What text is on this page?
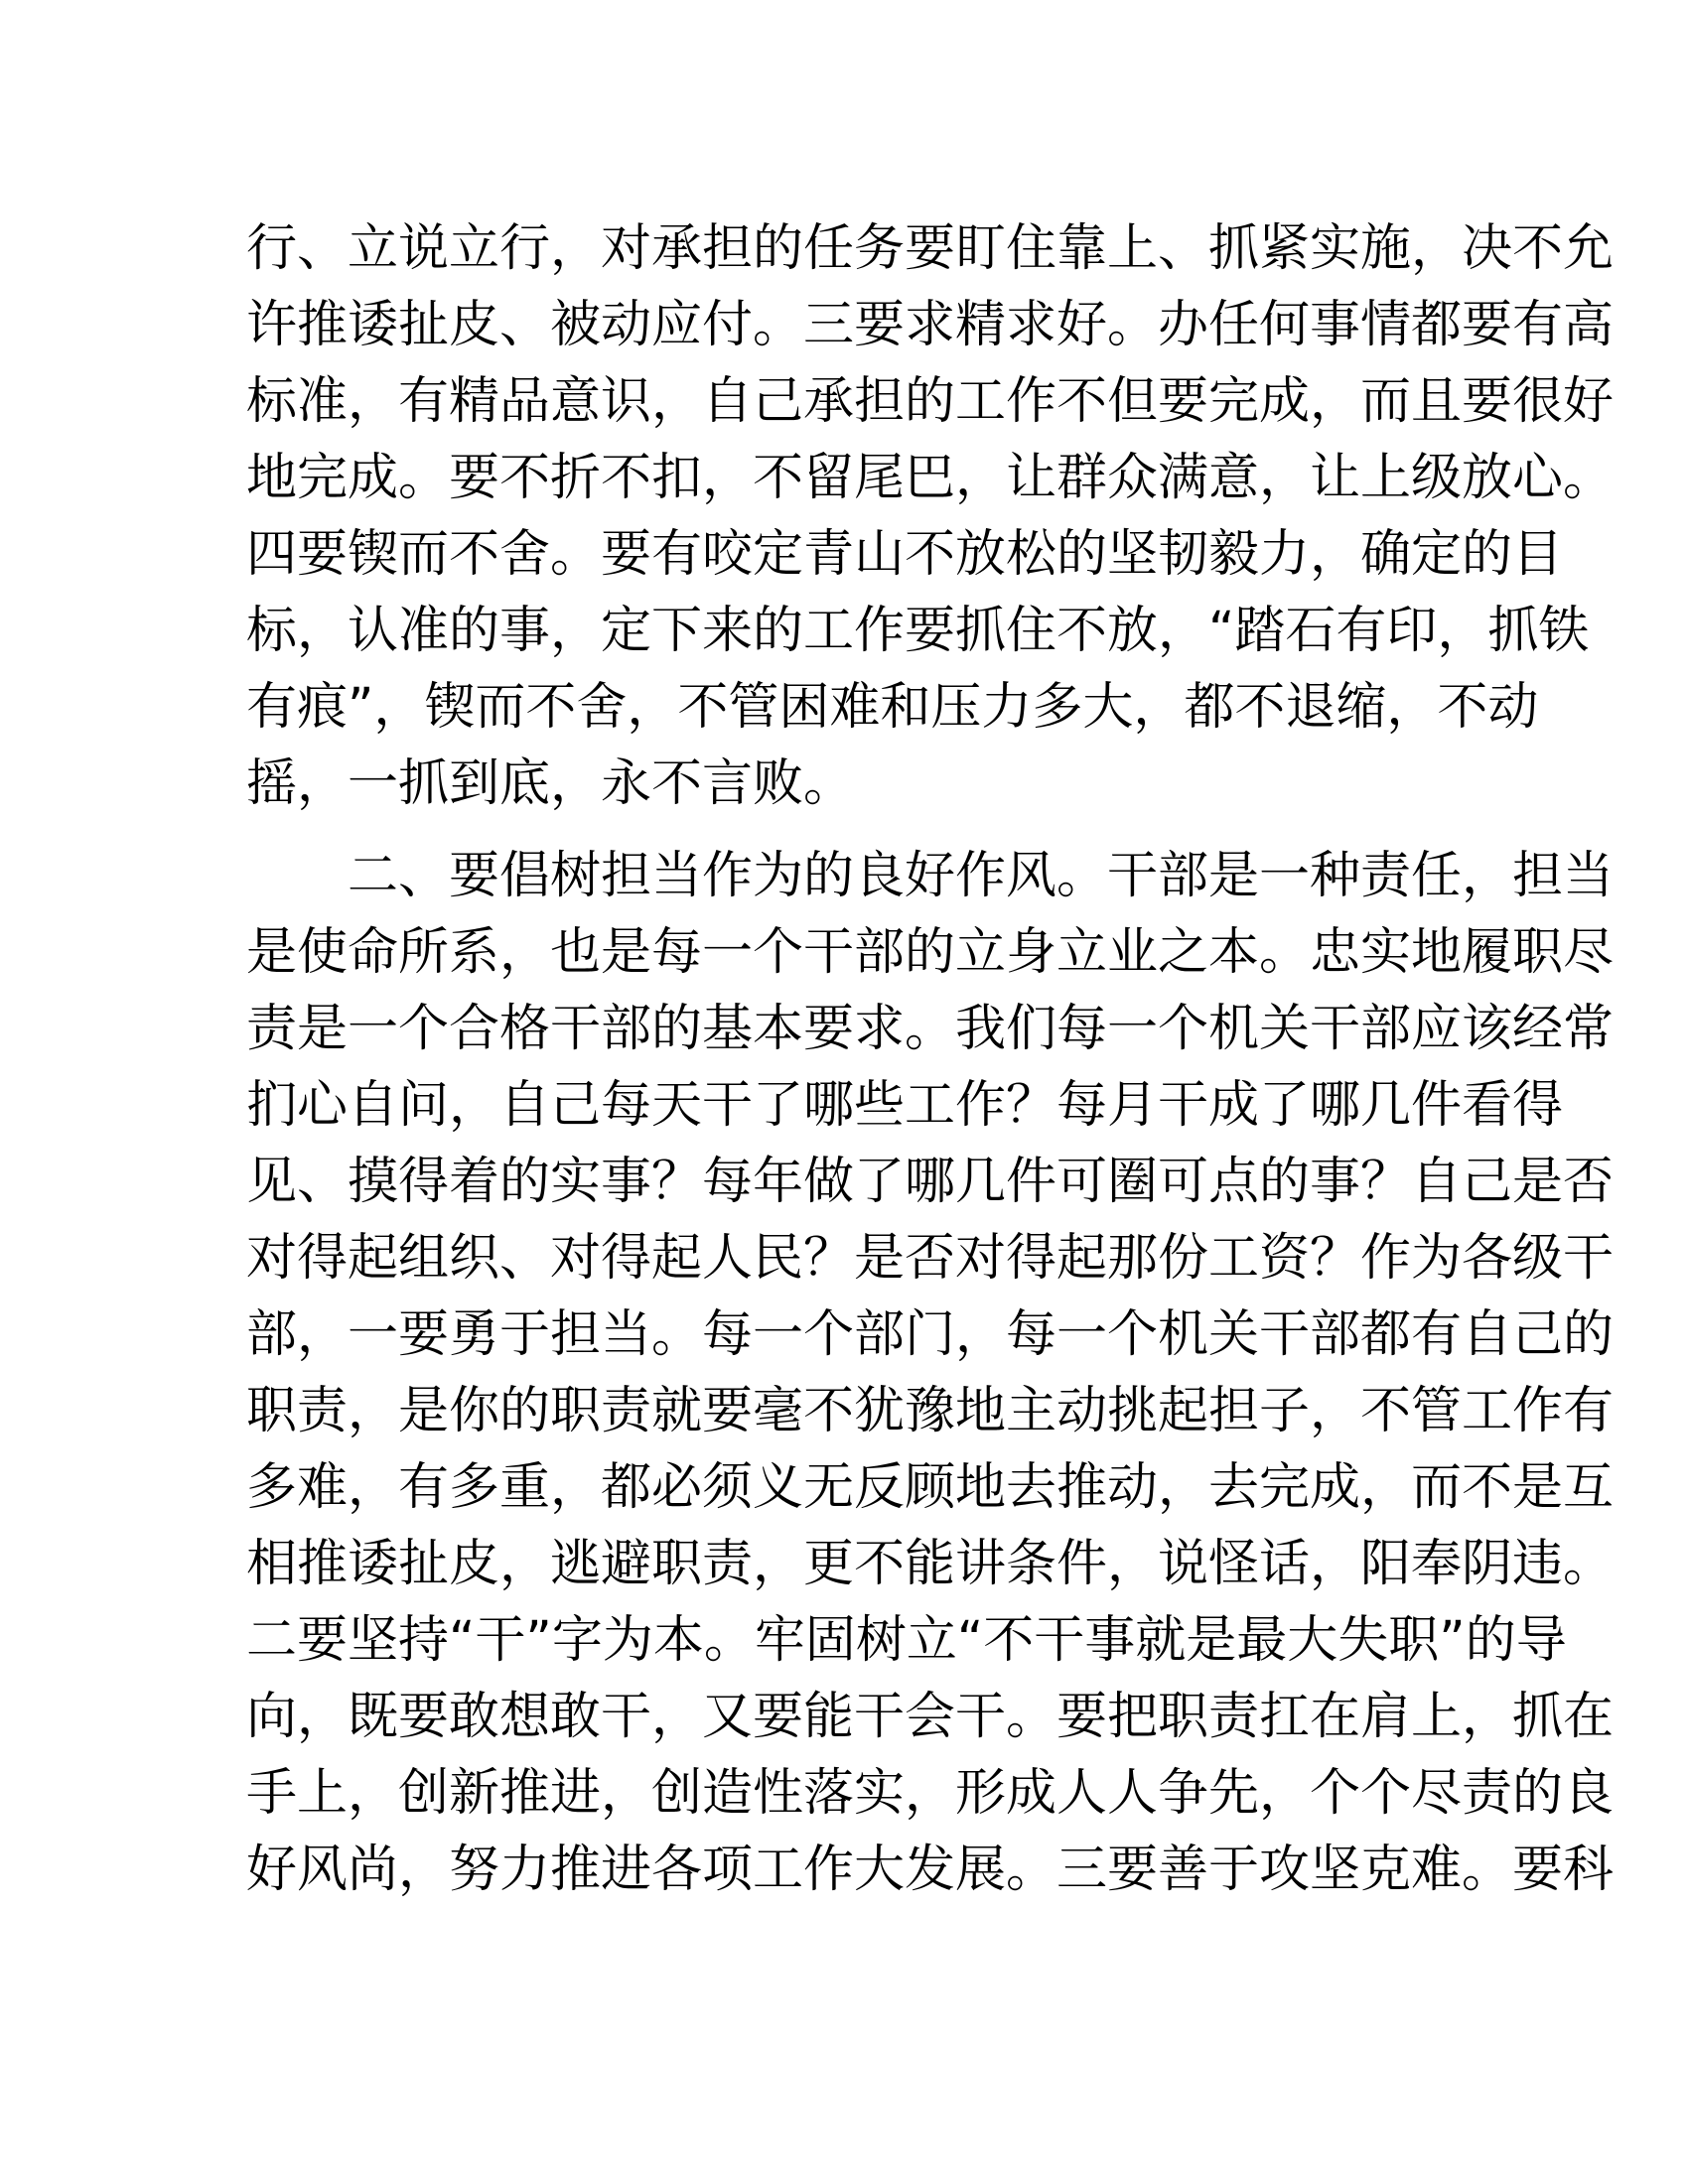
行、立说立行，对承担的任务要盯住靠上、抓紧实施，决不允
许推诿扯皮、被动应付。三要求精求好。办任何事情都要有高
标准，有精品意识，自己承担的工作不但要完成，而且要很好
地完成。要不折不扣，不留尾巴，让群众满意，让上级放心。
四要锲而不舍。要有咬定青山不放松的坚韧毅力，确定的目
标，认准的事，定下来的工作要抓住不放，“踏石有印，抓铁
有痕”，锲而不舍，不管困难和压力多大，都不退缩，不动
摇，一抓到底，永不言败。
　　二、要倡树担当作为的良好作风。干部是一种责任，担当
是使命所系，也是每一个干部的立身立业之本。忠实地履职尽
责是一个合格干部的基本要求。我们每一个机关干部应该经常
扪心自问，自己每天干了哪些工作？每月干成了哪几件看得
见、摸得着的实事？每年做了哪几件可圈可点的事？自己是否
对得起组织、对得起人民？是否对得起那份工资？作为各级干
部，一要勇于担当。每一个部门，每一个机关干部都有自己的
职责，是你的职责就要毫不犹豫地主动挑起担子，不管工作有
多难，有多重，都必须义无反顾地去推动，去完成，而不是互
相推诿扯皮，逃避职责，更不能讲条件，说怪话，阳奉阴违。
二要坚持“干”字为本。牢固树立“不干事就是最大失职”的导
向，既要敢想敢干，又要能干会干。要把职责扛在肩上，抓在
手上，创新推进，创造性落实，形成人人争先，个个尽责的良
好风尚，努力推进各项工作大发展。三要善于攻坚克难。要科
